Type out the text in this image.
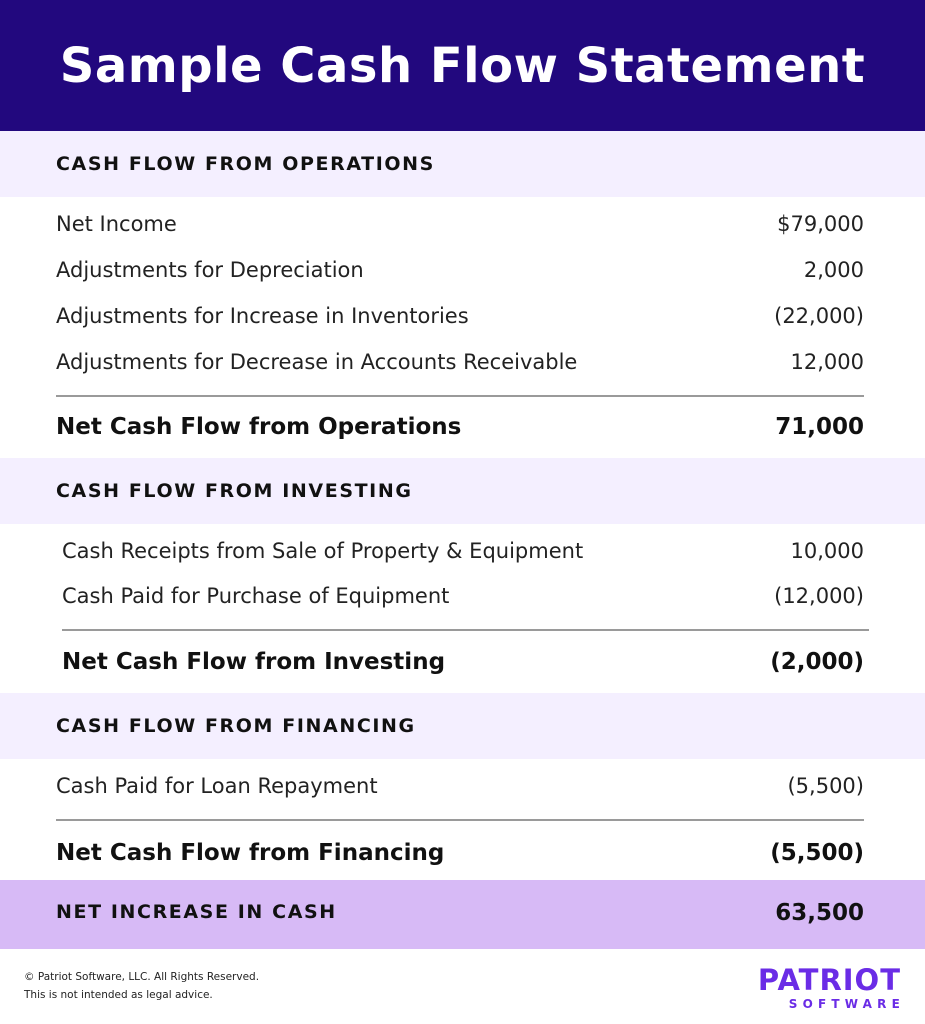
Sample Cash Flow Statement
CASH FLOW FROM OPERATIONS
Net Income	$79,000
Adjustments for Depreciation	2,000
Adjustments for Increase in Inventories	(22,000)
Adjustments for Decrease in Accounts Receivable	12,000
Net Cash Flow from Operations	71,000
CASH FLOW FROM INVESTING
Cash Receipts from Sale of Property & Equipment	10,000
Cash Paid for Purchase of Equipment	(12,000)
Net Cash Flow from Investing	(2,000)
CASH FLOW FROM FINANCING
Cash Paid for Loan Repayment	(5,500)
Net Cash Flow from Financing	(5,500)
NET INCREASE IN CASH	63,500
© Patriot Software, LLC. All Rights Reserved.
This is not intended as legal advice.	PATRIOT
SOFTWARE
